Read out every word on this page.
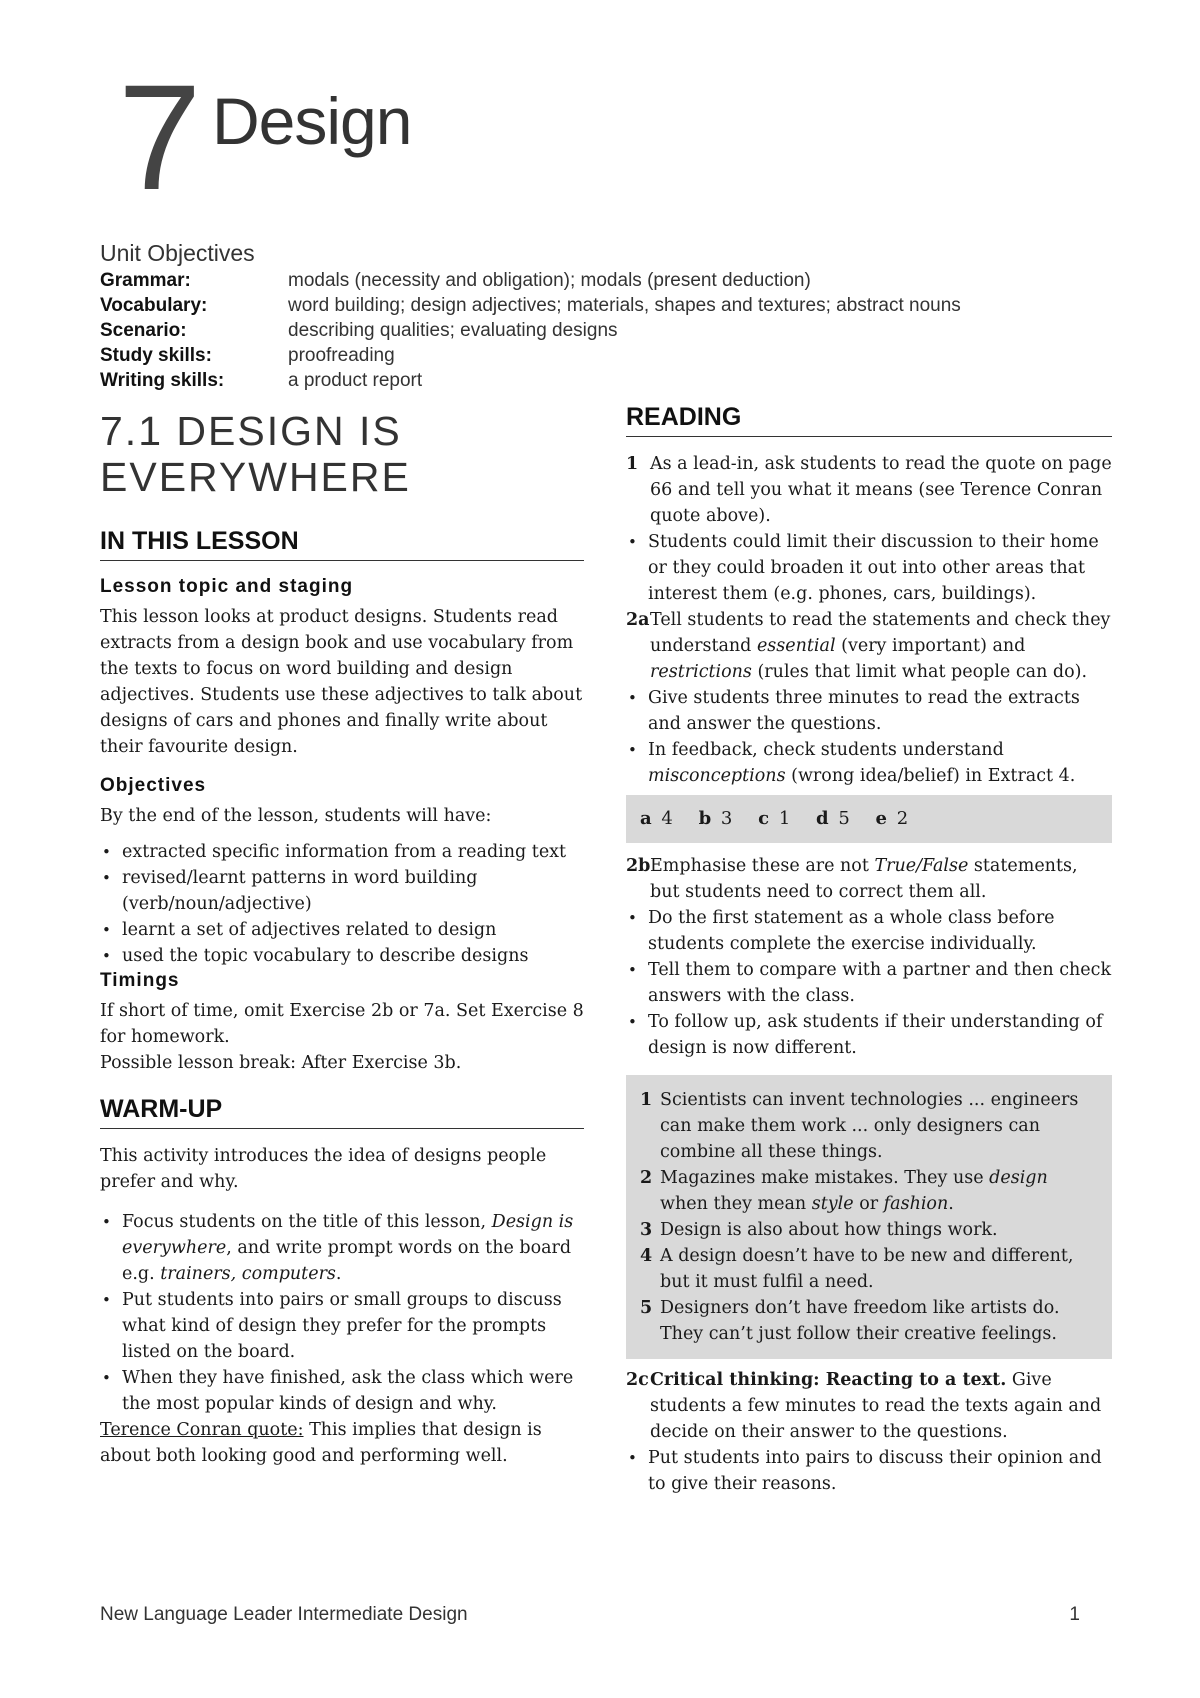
7 Design
Unit Objectives
Grammar:	modals (necessity and obligation); modals (present deduction)
Vocabulary:	word building; design adjectives; materials, shapes and textures; abstract nouns
Scenario:	describing qualities; evaluating designs
Study skills:	proofreading
Writing skills:	a product report
7.1 DESIGN IS
EVERYWHERE
IN THIS LESSON
Lesson topic and staging

This lesson looks at product designs. Students read extracts from a design book and use vocabulary from the texts to focus on word building and design adjectives. Students use these adjectives to talk about designs of cars and phones and finally write about their favourite design.

Objectives

By the end of the lesson, students will have:

• extracted specific information from a reading text
• revised/learnt patterns in word building (verb/noun/adjective)
• learnt a set of adjectives related to design
• used the topic vocabulary to describe designs
Timings

If short of time, omit Exercise 2b or 7a. Set Exercise 8 for homework.

Possible lesson break: After Exercise 3b.

WARM-UP

This activity introduces the idea of designs people prefer and why.

• Focus students on the title of this lesson, Design is everywhere, and write prompt words on the board e.g. trainers, computers.
• Put students into pairs or small groups to discuss what kind of design they prefer for the prompts listed on the board.
• When they have finished, ask the class which were the most popular kinds of design and why.

Terence Conran quote: This implies that design is about both looking good and performing well.

READING
1 As a lead-in, ask students to read the quote on page 66 and tell you what it means (see Terence Conran quote above).
• Students could limit their discussion to their home or they could broaden it out into other areas that interest them (e.g. phones, cars, buildings).
2a Tell students to read the statements and check they understand essential (very important) and restrictions (rules that limit what people can do).
• Give students three minutes to read the extracts and answer the questions.
• In feedback, check students understand misconceptions (wrong idea/belief) in Extract 4.
a 4 b 3 c 1 d 5 e 2
2b Emphasise these are not True/False statements, but students need to correct them all.
• Do the first statement as a whole class before students complete the exercise individually.
• Tell them to compare with a partner and then check answers with the class.
• To follow up, ask students if their understanding of design is now different.
1 Scientists can invent technologies ... engineers can make them work ... only designers can combine all these things.
2 Magazines make mistakes. They use design when they mean style or fashion.
3 Design is also about how things work.
4 A design doesn’t have to be new and different, but it must fulfil a need.
5 Designers don’t have freedom like artists do. They can’t just follow their creative feelings.
2c Critical thinking: Reacting to a text. Give students a few minutes to read the texts again and decide on their answer to the questions.
• Put students into pairs to discuss their opinion and to give their reasons.
New Language Leader Intermediate Design	1
